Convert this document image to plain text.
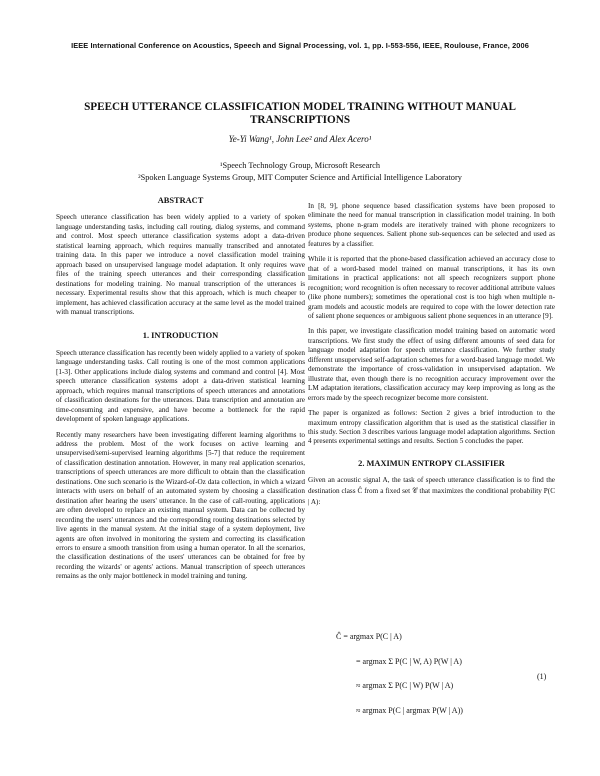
IEEE International Conference on Acoustics, Speech and Signal Processing, vol. 1, pp. I-553-556, IEEE, Roulouse, France, 2006
SPEECH UTTERANCE CLASSIFICATION MODEL TRAINING WITHOUT MANUAL TRANSCRIPTIONS
Ye-Yi Wang¹, John Lee² and Alex Acero¹
¹Speech Technology Group, Microsoft Research
²Spoken Language Systems Group, MIT Computer Science and Artificial Intelligence Laboratory
ABSTRACT

Speech utterance classification has been widely applied to a variety of spoken language understanding tasks, including call routing, dialog systems, and command and control. Most speech utterance classification systems adopt a data-driven statistical learning approach, which requires manually transcribed and annotated training data. In this paper we introduce a novel classification model training approach based on unsupervised language model adaptation. It only requires wave files of the training speech utterances and their corresponding classification destinations for modeling training. No manual transcription of the utterances is necessary. Experimental results show that this approach, which is much cheaper to implement, has achieved classification accuracy at the same level as the model trained with manual transcriptions.

1. INTRODUCTION

Speech utterance classification has recently been widely applied to a variety of spoken language understanding tasks. Call routing is one of the most common applications [1-3]. Other applications include dialog systems and command and control [4]. Most speech utterance classification systems adopt a data-driven statistical learning approach, which requires manual transcriptions of speech utterances and annotations of classification destinations for the utterances. Data transcription and annotation are time-consuming and expensive, and have become a bottleneck for the rapid development of spoken language applications.

Recently many researchers have been investigating different learning algorithms to address the problem. Most of the work focuses on active learning and unsupervised/semi-supervised learning algorithms [5-7] that reduce the requirement of classification destination annotation. However, in many real application scenarios, transcriptions of speech utterances are more difficult to obtain than the classification destinations. One such scenario is the Wizard-of-Oz data collection, in which a wizard interacts with users on behalf of an automated system by choosing a classification destination after hearing the users' utterance. In the case of call-routing, applications are often developed to replace an existing manual system. Data can be collected by recording the users' utterances and the corresponding routing destinations selected by live agents in the manual system. At the initial stage of a system deployment, live agents are often involved in monitoring the system and correcting its classification errors to ensure a smooth transition from using a human operator. In all the scenarios, the classification destinations of the users' utterances can be obtained for free by recording the wizards' or agents' actions. Manual transcription of speech utterances remains as the only major bottleneck in model training and tuning.

In [8, 9], phone sequence based classification systems have been proposed to eliminate the need for manual transcription in classification model training. In both systems, phone n-gram models are iteratively trained with phone recognizers to produce phone sequences. Salient phone sub-sequences can be selected and used as features by a classifier.

While it is reported that the phone-based classification achieved an accuracy close to that of a word-based model trained on manual transcriptions, it has its own limitations in practical applications: not all speech recognizers support phone recognition; word recognition is often necessary to recover additional attribute values (like phone numbers); sometimes the operational cost is too high when multiple n-gram models and acoustic models are required to cope with the lower detection rate of salient phone sequences or ambiguous salient phone sequences in an utterance [9].

In this paper, we investigate classification model training based on automatic word transcriptions. We first study the effect of using different amounts of seed data for language model adaptation for speech utterance classification. We further study different unsupervised self-adaptation schemes for a word-based language model. We demonstrate the importance of cross-validation in unsupervised adaptation. We illustrate that, even though there is no recognition accuracy improvement over the LM adaptation iterations, classification accuracy may keep improving as long as the errors made by the speech recognizer become more consistent.

The paper is organized as follows: Section 2 gives a brief introduction to the maximum entropy classification algorithm that is used as the statistical classifier in this study. Section 3 describes various language model adaptation algorithms. Section 4 presents experimental settings and results. Section 5 concludes the paper.

2. MAXIMUN ENTROPY CLASSIFIER

Given an acoustic signal A, the task of speech utterance classification is to find the destination class Ĉ from a fixed set 𝒞 that maximizes the conditional probability P(C | A):

Ĉ = argmax P(C | A)
= argmax Σ P(C | W, A) P(W | A)
≈ argmax Σ P(C | W) P(W | A)
≈ argmax P(C | argmax P(W | A))
(1)
